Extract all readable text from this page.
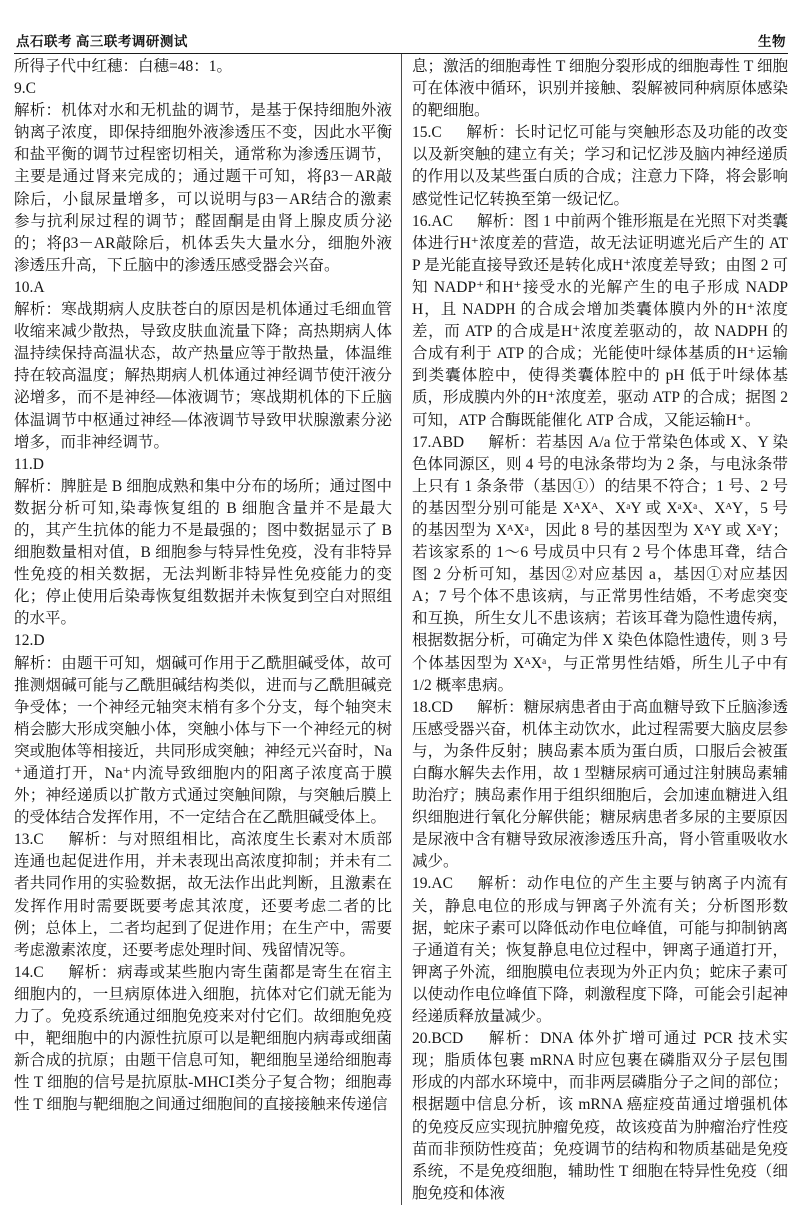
点石联考 高三联考调研测试	生物
所得子代中红穗：白穗=48：1。
9.C
解析：机体对水和无机盐的调节，是基于保持细胞外液钠离子浓度，即保持细胞外液渗透压不变，因此水平衡和盐平衡的调节过程密切相关，通常称为渗透压调节，主要是通过肾来完成的；通过题干可知，将β3－AR敲除后，小鼠尿量增多，可以说明与β3－AR结合的激素参与抗利尿过程的调节；醛固酮是由肾上腺皮质分泌的；将β3－AR敲除后，机体丢失大量水分，细胞外液渗透压升高，下丘脑中的渗透压感受器会兴奋。
10.A
解析：寒战期病人皮肤苍白的原因是机体通过毛细血管收缩来减少散热，导致皮肤血流量下降；高热期病人体温持续保持高温状态，故产热量应等于散热量，体温维持在较高温度；解热期病人机体通过神经调节使汗液分泌增多，而不是神经—体液调节；寒战期机体的下丘脑体温调节中枢通过神经—体液调节导致甲状腺激素分泌增多，而非神经调节。
11.D
解析：脾脏是 B 细胞成熟和集中分布的场所；通过图中数据分析可知,染毒恢复组的 B 细胞含量并不是最大的，其产生抗体的能力不是最强的；图中数据显示了 B 细胞数量相对值，B 细胞参与特异性免疫，没有非特异性免疫的相关数据，无法判断非特异性免疫能力的变化；停止使用后染毒恢复组数据并未恢复到空白对照组的水平。
12.D
解析：由题干可知，烟碱可作用于乙酰胆碱受体，故可推测烟碱可能与乙酰胆碱结构类似，进而与乙酰胆碱竞争受体；一个神经元轴突末梢有多个分支，每个轴突末梢会膨大形成突触小体，突触小体与下一个神经元的树突或胞体等相接近，共同形成突触；神经元兴奋时，Na⁺通道打开，Na⁺内流导致细胞内的阳离子浓度高于膜外；神经递质以扩散方式通过突触间隙，与突触后膜上的受体结合发挥作用，不一定结合在乙酰胆碱受体上。
13.C 解析：与对照组相比，高浓度生长素对木质部连通也起促进作用，并未表现出高浓度抑制；并未有二者共同作用的实验数据，故无法作出此判断，且激素在发挥作用时需要既要考虑其浓度，还要考虑二者的比例；总体上，二者均起到了促进作用；在生产中，需要考虑激素浓度，还要考虑处理时间、残留情况等。
14.C 解析：病毒或某些胞内寄生菌都是寄生在宿主细胞内的，一旦病原体进入细胞，抗体对它们就无能为力了。免疫系统通过细胞免疫来对付它们。故细胞免疫中，靶细胞中的内源性抗原可以是靶细胞内病毒或细菌新合成的抗原；由题干信息可知，靶细胞呈递给细胞毒性 T 细胞的信号是抗原肽-MHCⅠ类分子复合物；细胞毒性 T 细胞与靶细胞之间通过细胞间的直接接触来传递信
息；激活的细胞毒性 T 细胞分裂形成的细胞毒性 T 细胞可在体液中循环，识别并接触、裂解被同种病原体感染的靶细胞。
15.C 解析：长时记忆可能与突触形态及功能的改变以及新突触的建立有关；学习和记忆涉及脑内神经递质的作用以及某些蛋白质的合成；注意力下降，将会影响感觉性记忆转换至第一级记忆。
16.AC 解析：图 1 中前两个锥形瓶是在光照下对类囊体进行H⁺浓度差的营造，故无法证明遮光后产生的 ATP 是光能直接导致还是转化成H⁺浓度差导致；由图 2 可知 NADP⁺和H⁺接受水的光解产生的电子形成 NADPH，且 NADPH 的合成会增加类囊体膜内外的H⁺浓度差，而 ATP 的合成是H⁺浓度差驱动的，故 NADPH 的合成有利于 ATP 的合成；光能使叶绿体基质的H⁺运输到类囊体腔中，使得类囊体腔中的 pH 低于叶绿体基质，形成膜内外的H⁺浓度差，驱动 ATP 的合成；据图 2 可知，ATP 合酶既能催化 ATP 合成，又能运输H⁺。
17.ABD 解析：若基因 A/a 位于常染色体或 X、Y 染色体同源区，则 4 号的电泳条带均为 2 条，与电泳条带上只有 1 条条带（基因①）的结果不符合；1 号、2 号的基因型分别可能是 XᴬXᴬ、XᵃY 或 XᵃXᵃ、XᴬY，5 号的基因型为 XᴬXᵃ，因此 8 号的基因型为 XᴬY 或 XᵃY；若该家系的 1～6 号成员中只有 2 号个体患耳聋，结合图 2 分析可知，基因②对应基因 a，基因①对应基因 A；7 号个体不患该病，与正常男性结婚，不考虑突变和互换，所生女儿不患该病；若该耳聋为隐性遗传病，根据数据分析，可确定为伴 X 染色体隐性遗传，则 3 号个体基因型为 XᴬXᵃ，与正常男性结婚，所生儿子中有 1/2 概率患病。
18.CD 解析：糖尿病患者由于高血糖导致下丘脑渗透压感受器兴奋，机体主动饮水，此过程需要大脑皮层参与，为条件反射；胰岛素本质为蛋白质，口服后会被蛋白酶水解失去作用，故 1 型糖尿病可通过注射胰岛素辅助治疗；胰岛素作用于组织细胞后，会加速血糖进入组织细胞进行氧化分解供能；糖尿病患者多尿的主要原因是尿液中含有糖导致尿液渗透压升高，肾小管重吸收水减少。
19.AC 解析：动作电位的产生主要与钠离子内流有关，静息电位的形成与钾离子外流有关；分析图形数据，蛇床子素可以降低动作电位峰值，可能与抑制钠离子通道有关；恢复静息电位过程中，钾离子通道打开，钾离子外流，细胞膜电位表现为外正内负；蛇床子素可以使动作电位峰值下降，刺激程度下降，可能会引起神经递质释放量减少。
20.BCD 解析：DNA 体外扩增可通过 PCR 技术实现；脂质体包裹 mRNA 时应包裹在磷脂双分子层包围形成的内部水环境中，而非两层磷脂分子之间的部位；根据题中信息分析，该 mRNA 癌症疫苗通过增强机体的免疫反应实现抗肿瘤免疫，故该疫苗为肿瘤治疗性疫苗而非预防性疫苗；免疫调节的结构和物质基础是免疫系统，不是免疫细胞，辅助性 T 细胞在特异性免疫（细胞免疫和体液
